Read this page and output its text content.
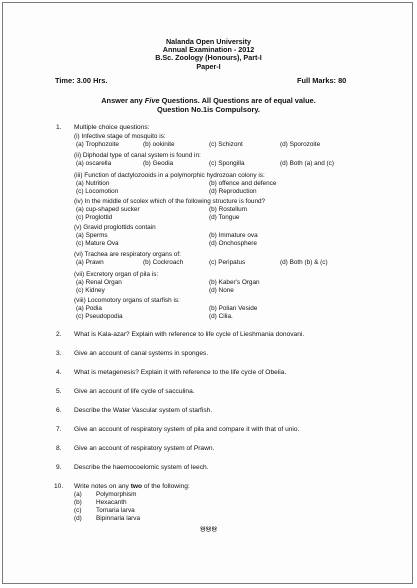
Nalanda Open University
Annual Examination - 2012
B.Sc. Zoology (Honours), Part-I
Paper-I
Time: 3.00 Hrs.	Full Marks: 80
Answer any Five Questions. All Questions are of equal value.
Question No.1is Compulsory.
1. Multiple choice questions:
(i) Infective stage of mosquito is:
(a) Trophozoite	(b) ookinite	(c) Schizont	(d) Sporozoite
(ii) Diphodal type of canal system is found in:
(a) oscarella	(b) Geodia	(c) Spongilla	(d) Both (a) and (c)
(iii) Function of dactylozooids in a polymorphic hydrozoan colony is:
(a) Nutrition	(b) offence and defence
(c) Locomotion	(d) Reproduction
(iv) In the middle of scolex which of the following structure is found?
(a) cup-shaped sucker	(b) Rostellum
(c) Proglottid	(d) Tongue
(v) Gravid proglottids contain
(a) Sperms	(b) Immature ova
(c) Mature Ova	(d) Onchosphere
(vi) Trachea are respiratory organs of:
(a) Prawn	(b) Cockroach	(c) Peripatus	(d) Both (b) & (c)
(vii) Excretory organ of pila is:
(a) Renal Organ	(b) Kaber's Organ
(c) Kidney	(d) None
(viii) Locomotory organs of starfish is:
(a) Podia	(b) Polian Veside
(c) Pseudopodia	(d) Cilia.
2. What is Kala-azar? Explain with reference to life cycle of Lieshmania donovani.
3. Give an account of canal systems in sponges.
4. What is metagenesis? Explain it with reference to the life cycle of Obelia.
5. Give an account of life cycle of sacculina.
6. Describe the Water Vascular system of starfish.
7. Give an account of respiratory system of pila and compare it with that of unio.
8. Give an account of respiratory system of Prawn.
9. Describe the haemocoelomic system of leech.
10. Write notes on any two of the following:
(a) Polymorphism
(b) Hexacanth
(c) Tornaria larva
(d) Bipinnaria larva
ഋഋഋ
